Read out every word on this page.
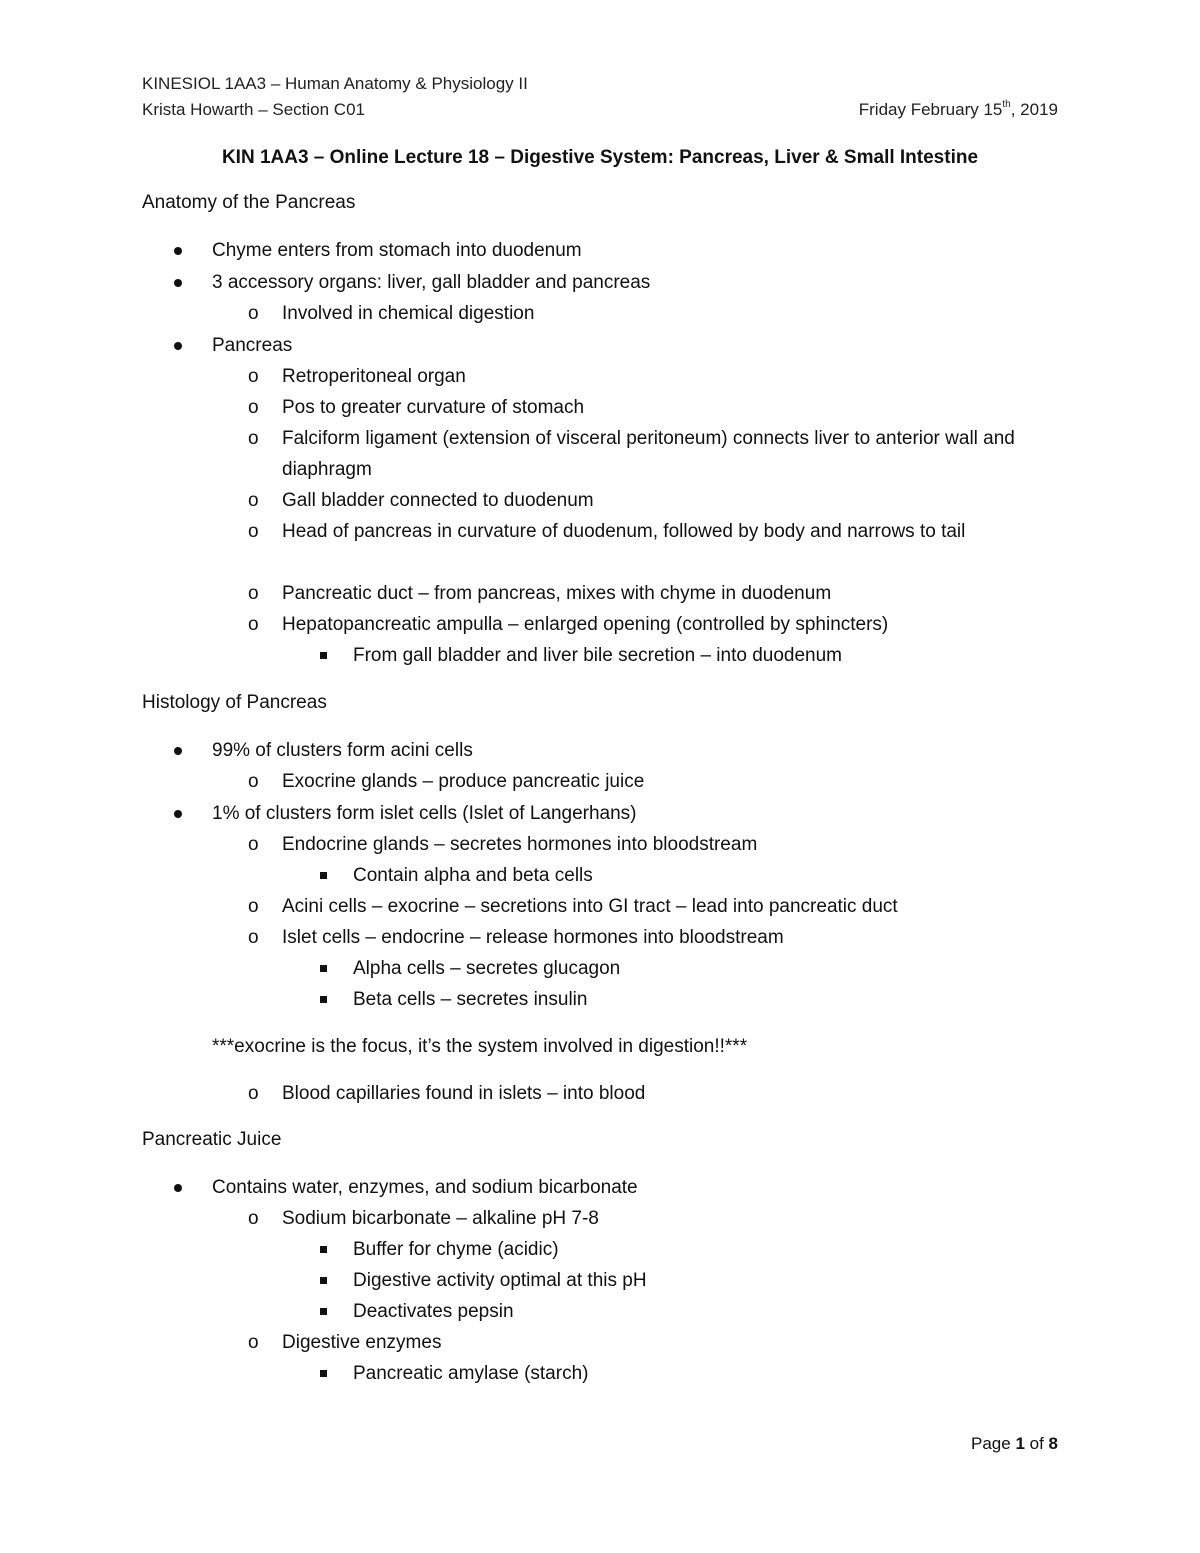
KINESIOL 1AA3 – Human Anatomy & Physiology II
Krista Howarth – Section C01	Friday February 15th, 2019
KIN 1AA3 – Online Lecture 18 – Digestive System: Pancreas, Liver & Small Intestine
Anatomy of the Pancreas
Chyme enters from stomach into duodenum
3 accessory organs: liver, gall bladder and pancreas
o Involved in chemical digestion
Pancreas
o Retroperitoneal organ
o Pos to greater curvature of stomach
o Falciform ligament (extension of visceral peritoneum) connects liver to anterior wall and diaphragm
o Gall bladder connected to duodenum
o Head of pancreas in curvature of duodenum, followed by body and narrows to tail
o Pancreatic duct – from pancreas, mixes with chyme in duodenum
o Hepatopancreatic ampulla – enlarged opening (controlled by sphincters)
From gall bladder and liver bile secretion – into duodenum
Histology of Pancreas
99% of clusters form acini cells
o Exocrine glands – produce pancreatic juice
1% of clusters form islet cells (Islet of Langerhans)
o Endocrine glands – secretes hormones into bloodstream
Contain alpha and beta cells
o Acini cells – exocrine – secretions into GI tract – lead into pancreatic duct
o Islet cells – endocrine – release hormones into bloodstream
Alpha cells – secretes glucagon
Beta cells – secretes insulin
***exocrine is the focus, it’s the system involved in digestion!!***
o Blood capillaries found in islets – into blood
Pancreatic Juice
Contains water, enzymes, and sodium bicarbonate
o Sodium bicarbonate – alkaline pH 7-8
Buffer for chyme (acidic)
Digestive activity optimal at this pH
Deactivates pepsin
o Digestive enzymes
Pancreatic amylase (starch)
Page 1 of 8
